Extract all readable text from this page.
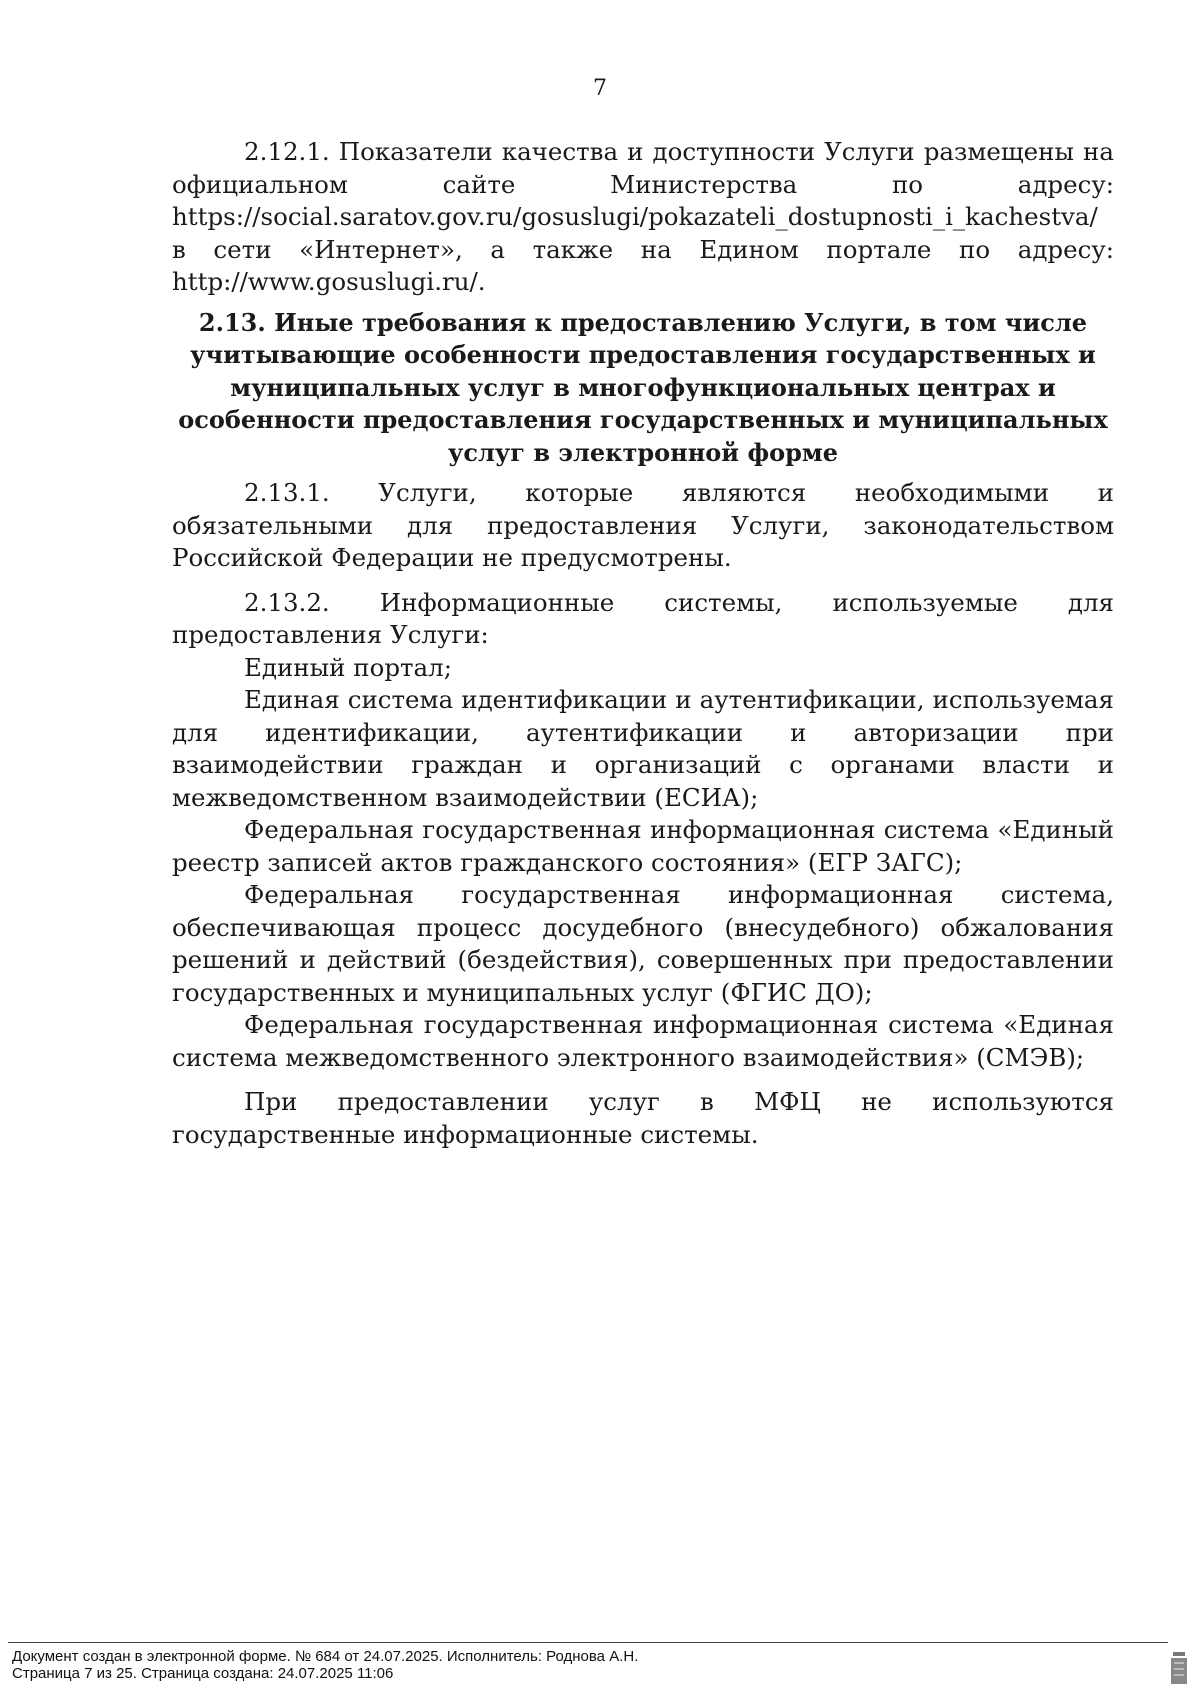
7

2.12.1. Показатели качества и доступности Услуги размещены на официальном сайте Министерства по адресу: https://social.saratov.gov.ru/gosuslugi/pokazateli_dostupnosti_i_kachestva/ в сети «Интернет», а также на Едином портале по адресу: http://www.gosuslugi.ru/.

2.13. Иные требования к предоставлению Услуги, в том числе учитывающие особенности предоставления государственных и муниципальных услуг в многофункциональных центрах и особенности предоставления государственных и муниципальных услуг в электронной форме

2.13.1. Услуги, которые являются необходимыми и обязательными для предоставления Услуги, законодательством Российской Федерации не предусмотрены.

2.13.2. Информационные системы, используемые для предоставления Услуги:

Единый портал;

Единая система идентификации и аутентификации, используемая для идентификации, аутентификации и авторизации при взаимодействии граждан и организаций с органами власти и межведомственном взаимодействии (ЕСИА);

Федеральная государственная информационная система «Единый реестр записей актов гражданского состояния» (ЕГР ЗАГС);

Федеральная государственная информационная система, обеспечивающая процесс досудебного (внесудебного) обжалования решений и действий (бездействия), совершенных при предоставлении государственных и муниципальных услуг (ФГИС ДО);

Федеральная государственная информационная система «Единая система межведомственного электронного взаимодействия» (СМЭВ);

При предоставлении услуг в МФЦ не используются государственные информационные системы.

Документ создан в электронной форме. № 684 от 24.07.2025. Исполнитель: Роднова А.Н.
Страница 7 из 25. Страница создана: 24.07.2025 11:06
